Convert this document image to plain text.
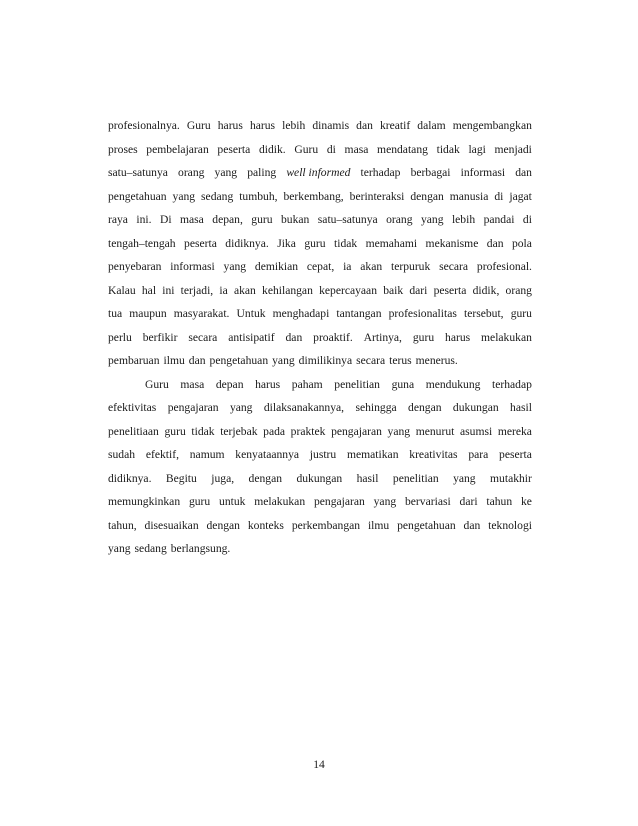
profesionalnya. Guru harus harus lebih dinamis dan kreatif dalam mengembangkan
proses pembelajaran peserta didik. Guru di masa mendatang tidak lagi menjadi
satu–satunya orang yang paling well informed terhadap berbagai informasi dan
pengetahuan yang sedang tumbuh, berkembang, berinteraksi dengan manusia di jagat
raya ini. Di masa depan, guru bukan satu–satunya orang yang lebih pandai di
tengah–tengah peserta didiknya. Jika guru tidak memahami mekanisme dan pola
penyebaran informasi yang demikian cepat, ia akan terpuruk secara profesional.
Kalau hal ini terjadi, ia akan kehilangan kepercayaan baik dari peserta didik, orang
tua maupun masyarakat. Untuk menghadapi tantangan profesionalitas tersebut, guru
perlu berfikir secara antisipatif dan proaktif. Artinya, guru harus melakukan
pembaruan ilmu dan pengetahuan yang dimilikinya secara terus menerus.
Guru masa depan harus paham penelitian guna mendukung terhadap
efektivitas pengajaran yang dilaksanakannya, sehingga dengan dukungan hasil
penelitiaan guru tidak terjebak pada praktek pengajaran yang menurut asumsi mereka
sudah efektif, namum kenyataannya justru mematikan kreativitas para peserta
didiknya. Begitu juga, dengan dukungan hasil penelitian yang mutakhir
memungkinkan guru untuk melakukan pengajaran yang bervariasi dari tahun ke
tahun, disesuaikan dengan konteks perkembangan ilmu pengetahuan dan teknologi
yang sedang berlangsung.
14
